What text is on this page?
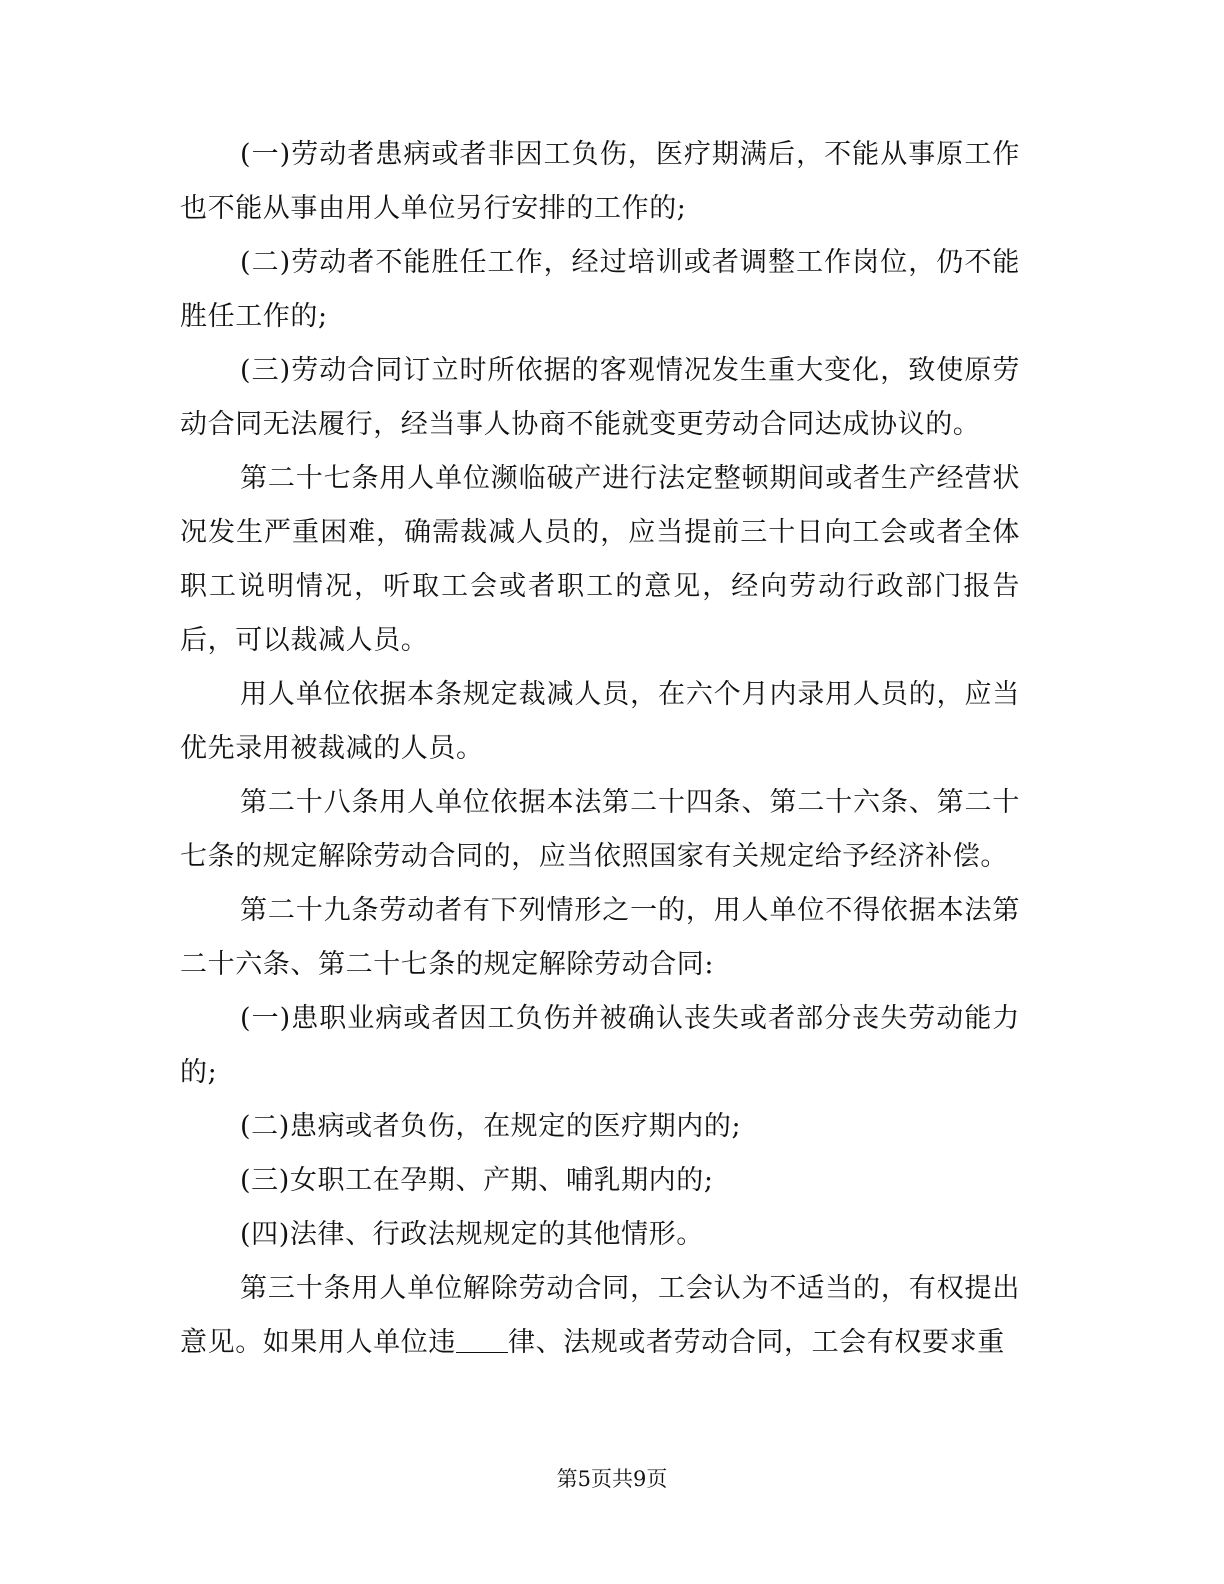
(一)劳动者患病或者非因工负伤，医疗期满后，不能从事原工作也不能从事由用人单位另行安排的工作的;

(二)劳动者不能胜任工作，经过培训或者调整工作岗位，仍不能胜任工作的;

(三)劳动合同订立时所依据的客观情况发生重大变化，致使原劳动合同无法履行，经当事人协商不能就变更劳动合同达成协议的。

第二十七条用人单位濒临破产进行法定整顿期间或者生产经营状况发生严重困难，确需裁减人员的，应当提前三十日向工会或者全体职工说明情况，听取工会或者职工的意见，经向劳动行政部门报告后，可以裁减人员。

用人单位依据本条规定裁减人员，在六个月内录用人员的，应当优先录用被裁减的人员。

第二十八条用人单位依据本法第二十四条、第二十六条、第二十七条的规定解除劳动合同的，应当依照国家有关规定给予经济补偿。

第二十九条劳动者有下列情形之一的，用人单位不得依据本法第二十六条、第二十七条的规定解除劳动合同:

(一)患职业病或者因工负伤并被确认丧失或者部分丧失劳动能力的;

(二)患病或者负伤，在规定的医疗期内的;

(三)女职工在孕期、产期、哺乳期内的;

(四)法律、行政法规规定的其他情形。

第三十条用人单位解除劳动合同，工会认为不适当的，有权提出意见。如果用人单位违 律、法规或者劳动合同，工会有权要求重

第5页共9页
